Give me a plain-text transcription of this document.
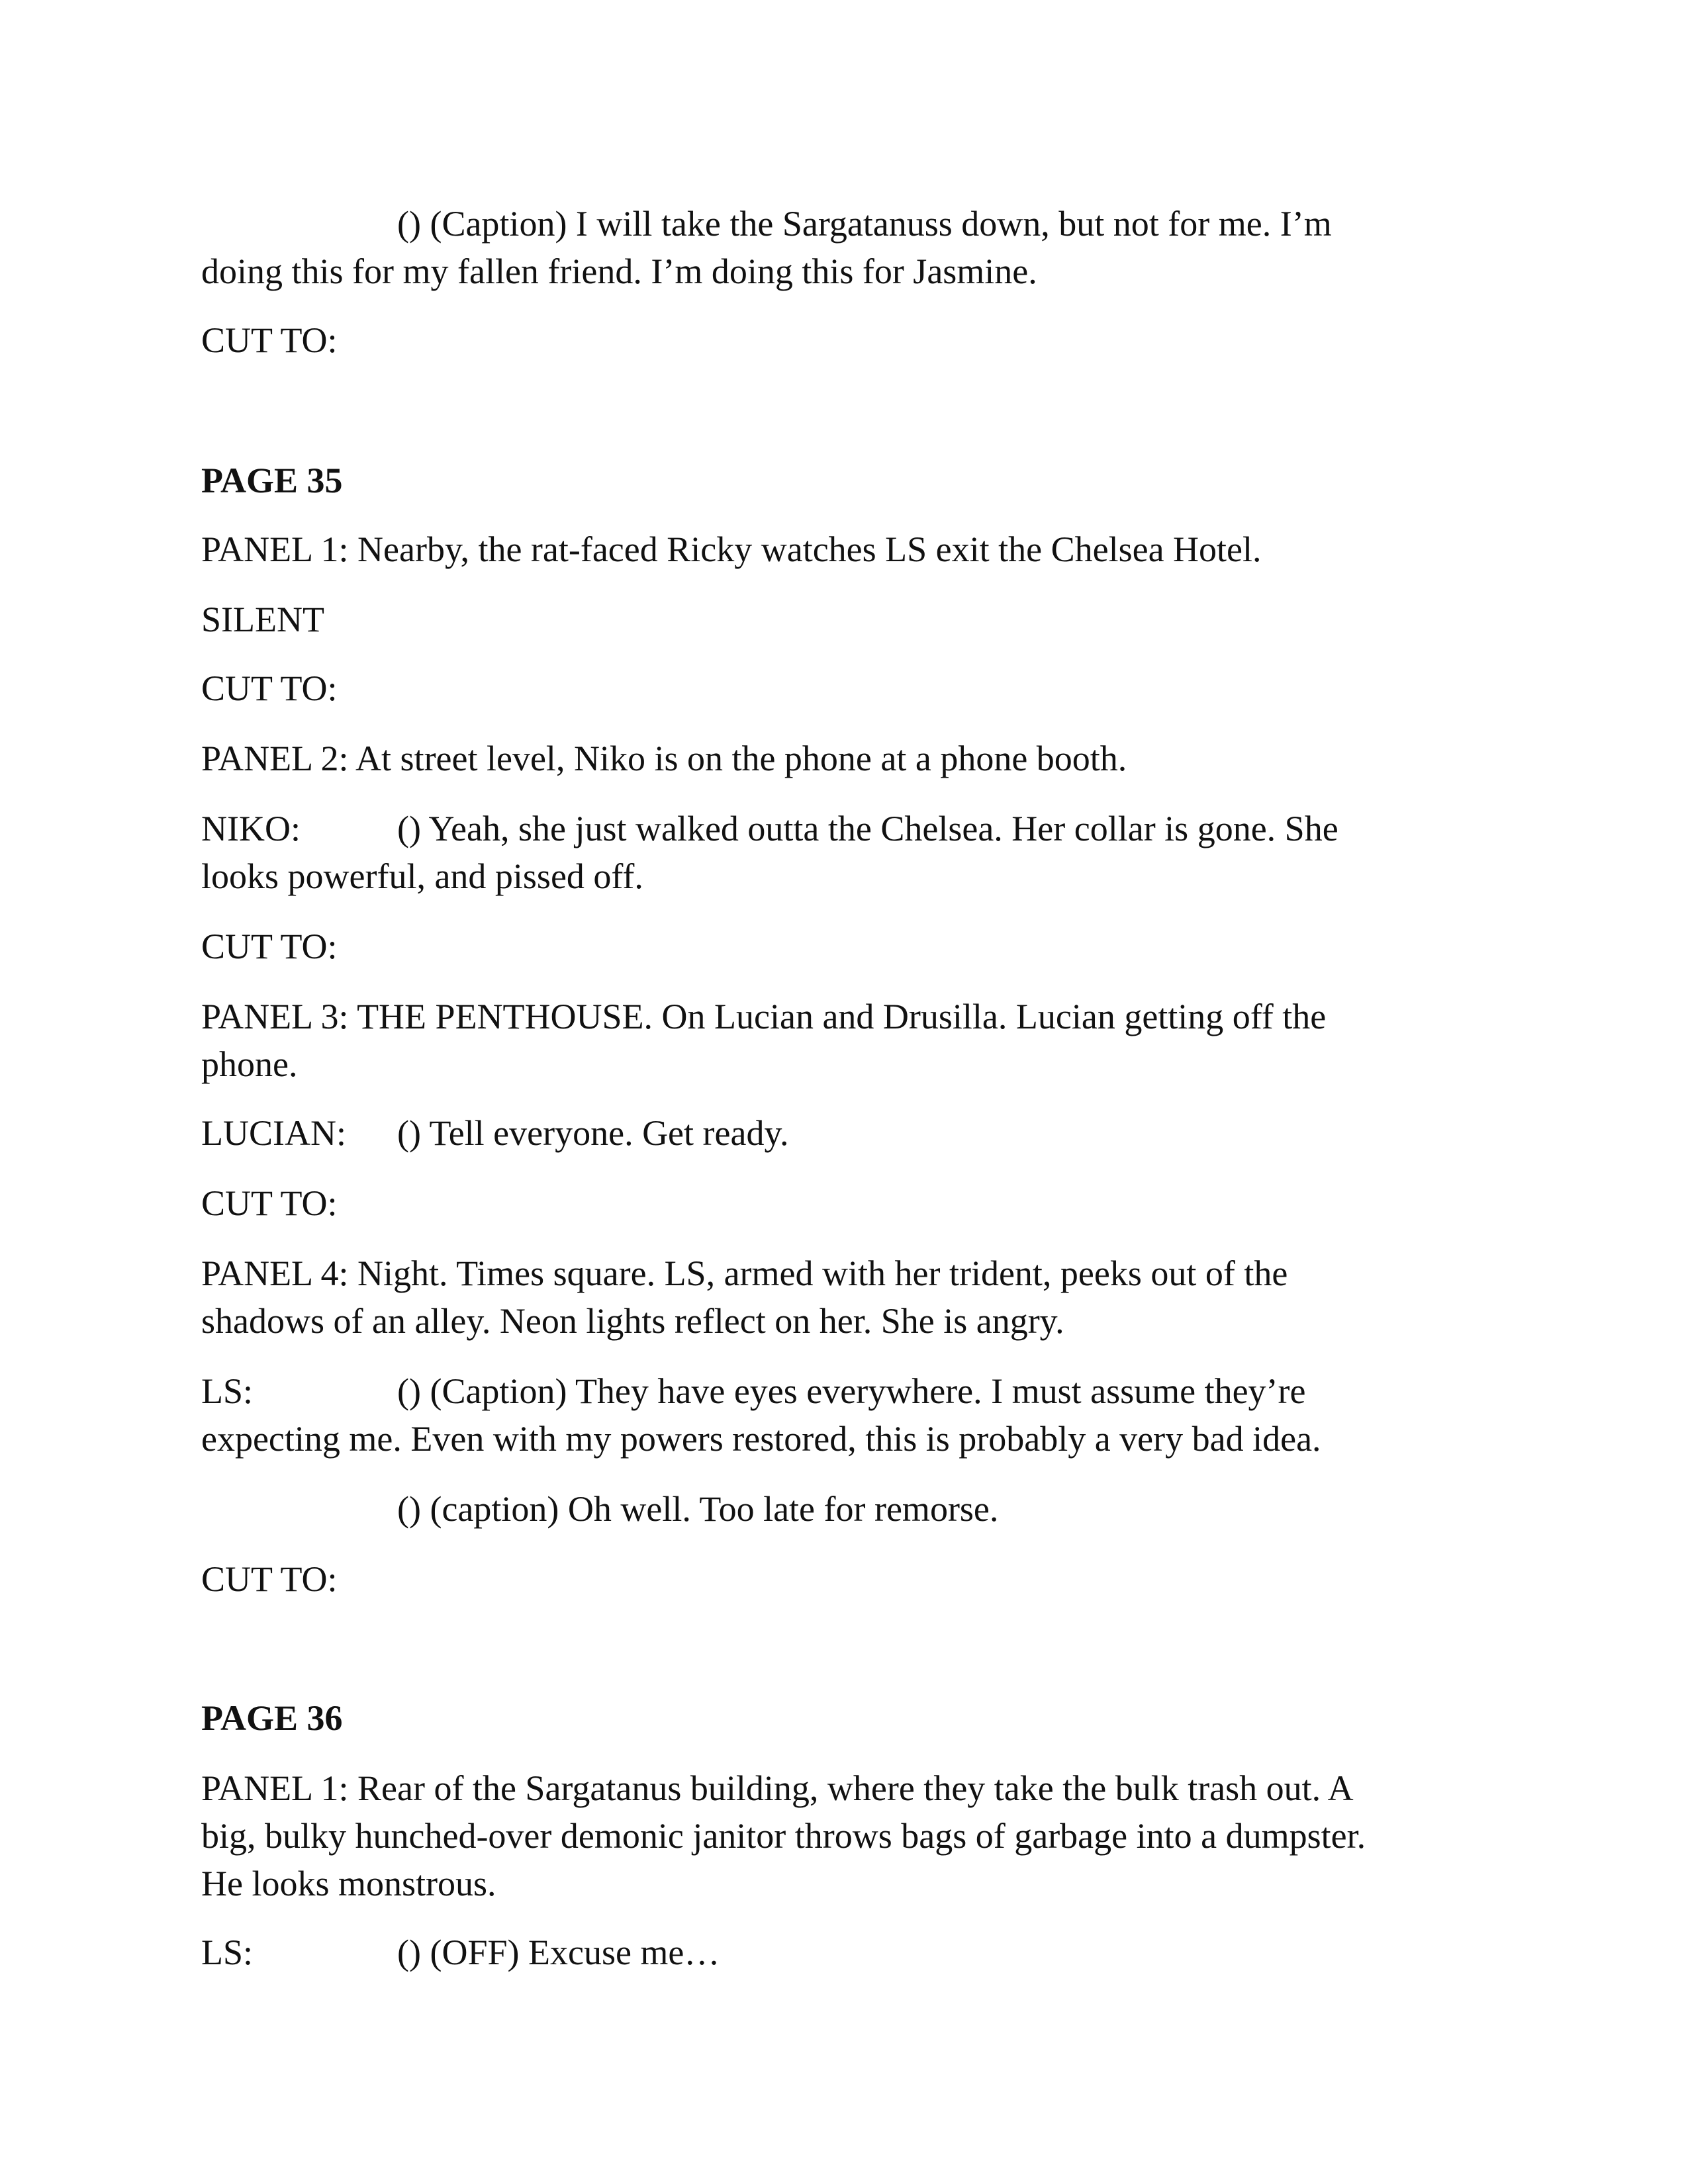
() (Caption) I will take the Sargatanuss down, but not for me. I’m

doing this for my fallen friend. I’m doing this for Jasmine.

CUT TO:

PAGE 35

PANEL 1: Nearby, the rat-faced Ricky watches LS exit the Chelsea Hotel.

SILENT

CUT TO:

PANEL 2: At street level, Niko is on the phone at a phone booth.

NIKO:	() Yeah, she just walked outta the Chelsea. Her collar is gone. She

looks powerful, and pissed off.

CUT TO:

PANEL 3: THE PENTHOUSE. On Lucian and Drusilla. Lucian getting off the

phone.

LUCIAN: () Tell everyone. Get ready.

CUT TO:

PANEL 4: Night. Times square. LS, armed with her trident, peeks out of the

shadows of an alley. Neon lights reflect on her. She is angry.

LS:	() (Caption) They have eyes everywhere. I must assume they’re

expecting me. Even with my powers restored, this is probably a very bad idea.

() (caption) Oh well. Too late for remorse.

CUT TO:

PAGE 36

PANEL 1: Rear of the Sargatanus building, where they take the bulk trash out. A

big, bulky hunched-over demonic janitor throws bags of garbage into a dumpster.

He looks monstrous.

LS:	() (OFF) Excuse me…
